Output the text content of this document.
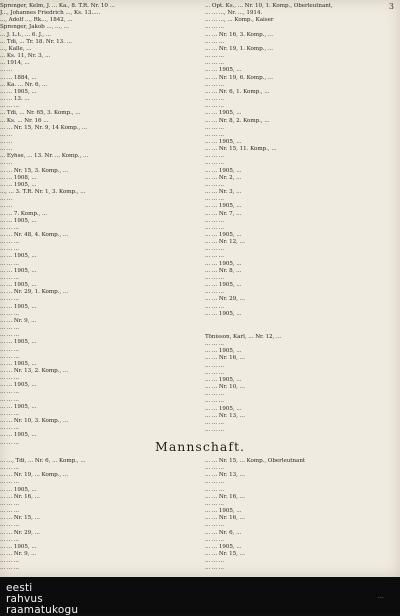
3
Sprenger, Kelm, J. ... Ka., 8. T.R. Nr. 10 ...
J..., Johannes Friedrich ..., Ks. 13.....
..., Adolf ..., Rk..., 1842, ...
Sprenger, Jakob ..., ..., ...
... J. L.t., ... 6. J., ...
... Tdi, ... Tr. 18. Nr. 13. ...
..., Kalle, ...
... Ks. 11, Nr. 3, ...
... 1914, ...
... ...
... ... 1884, ...
... Ka. ... Nr. 6, ...
... ... 1905, ...
... ... 13. ...
... ... ...
... Tdi, ... Nr. 65, 3. Komp., ...
... Ks. ... Nr. 16 ...
... ... Nr. 15, Nr. 9, 14 Komp., ...
... ...
... ...
... ...
... Eyhse, ... 13. Nr. ... Komp., ...
... ...
... ... Nr. 15, 3. Komp., ...
... ... 1908, ...
... ... 1905, ...
..., ... 3. T.R. Nr. 1, 3. Komp., ...
... ...
... ...
... ... 7. Komp., ...
... ... 1905, ...
... ... ...
... ... Nr. 48, 4. Komp., ...
... ... ...
... ... ...
... ... 1905, ...
... ... ...
... ... 1905, ...
... ... ...
... ... 1905, ...
... ... Nr. 29, 1. Komp., ...
... ... ...
... ... 1905, ...
... ... ...
... ... Nr. 9, ...
... ... ...
... ... ...
... ... 1905, ...
... ... ...
... ... ...
... ... 1905, ...
... ... Nr. 13, 2. Komp., ...
... ... ...
... ... 1905, ...
... ... ...
... ... ...
... ... 1905, ...
... ... ...
... ... Nr. 10, 3. Komp., ...
... ... ...
... ... 1905, ...
... ... ...
... Opt. Ks., ... Nr. 10, 1. Komp., Oberleutnant,
... ... ..., Nr. ..., 1914.
... ... ..., ... Komp., Kaiser
... ... ...
... ... Nr. 16, 3. Komp., ...
... ... ...
... ... Nr. 19, 1. Komp., ...
... ... ...
... ... ...
... ... 1905, ...
... ... Nr. 19, 6. Komp., ...
... ... ...
... ... Nr. 6, 1. Komp., ...
... ... ...
... ... ...
... ... 1905, ...
... ... Nr. 8, 2. Komp., ...
... ... ...
... ... ...
... ... 1905, ...
... ... Nr. 15, 11. Komp., ...
... ... ...
... ... ...
... ... 1905, ...
... ... Nr. 2, ...
... ... ...
... ... Nr. 3, ...
... ... ...
... ... 1905, ...
... ... Nr. 7, ...
... ... ...
... ... ...
... ... 1905, ...
... ... Nr. 12, ...
... ... ...
... ... ...
... ... 1905, ...
... ... Nr. 8, ...
... ... ...
... ... 1905, ...
... ... ...
... ... Nr. 29, ...
... ... ...
... ... 1905, ...
Tönisson, Karl, ... Nr. 12, ...
... ... ...
... ... 1905, ...
... ... Nr. 16, ...
... ... ...
... ... ...
... ... 1905, ...
... ... Nr. 10, ...
... ... ...
... ... ...
... ... 1905, ...
... ... Nr. 13, ...
... ... ...
... ... ...
Mannschaft.
... ..., Tdi, ... Nr. 6, ... Komp., ...
... ... ...
... ... Nr. 19, ... Komp., ...
... ... ...
... ... 1905, ...
... ... Nr. 16, ...
... ... ...
... ... ...
... ... Nr. 15, ...
... ... ...
... ... Nr. 29, ...
... ... ...
... ... 1905, ...
... ... Nr. 9, ...
... ... ...
... ... ...
... ... Nr. 15, ... Komp., Oberleutnant
... ... ...
... ... Nr. 13, ...
... ... ...
... ... ...
... ... Nr. 16, ...
... ... ...
... ... 1905, ...
... ... Nr. 16, ...
... ... ...
... ... Nr. 6, ...
... ... ...
... ... 1905, ...
... ... Nr. 15, ...
... ... ...
... ... ...
eesti
rahvus
raamatukogu
...
